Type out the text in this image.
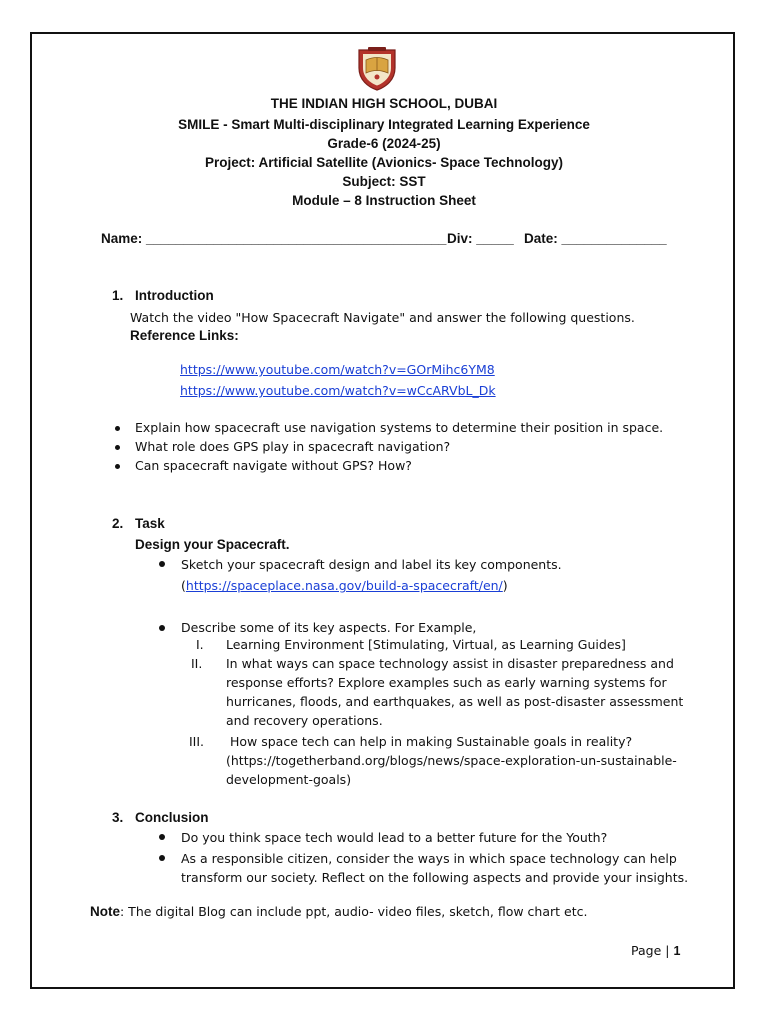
THE INDIAN HIGH SCHOOL, DUBAI
SMILE - Smart Multi-disciplinary Integrated Learning Experience
Grade-6 (2024-25)
Project: Artificial Satellite (Avionics- Space Technology)
Subject: SST
Module – 8 Instruction Sheet
Name: ________________________________________ Div: _____ Date: ______________
1. Introduction
Watch the video "How Spacecraft Navigate" and answer the following questions.
Reference Links:
https://www.youtube.com/watch?v=GOrMihc6YM8
https://www.youtube.com/watch?v=wCcARVbL_Dk
Explain how spacecraft use navigation systems to determine their position in space.
What role does GPS play in spacecraft navigation?
Can spacecraft navigate without GPS? How?
2. Task
Design your Spacecraft.
Sketch your spacecraft design and label its key components.
(https://spaceplace.nasa.gov/build-a-spacecraft/en/)
Describe some of its key aspects. For Example,
I. Learning Environment [Stimulating, Virtual, as Learning Guides]
II. In what ways can space technology assist in disaster preparedness and
response efforts? Explore examples such as early warning systems for
hurricanes, floods, and earthquakes, as well as post-disaster assessment
and recovery operations.
III. How space tech can help in making Sustainable goals in reality?
(https://togetherband.org/blogs/news/space-exploration-un-sustainable-
development-goals)
3. Conclusion
Do you think space tech would lead to a better future for the Youth?
As a responsible citizen, consider the ways in which space technology can help
transform our society. Reflect on the following aspects and provide your insights.
Note: The digital Blog can include ppt, audio- video files, sketch, flow chart etc.
Page | 1
